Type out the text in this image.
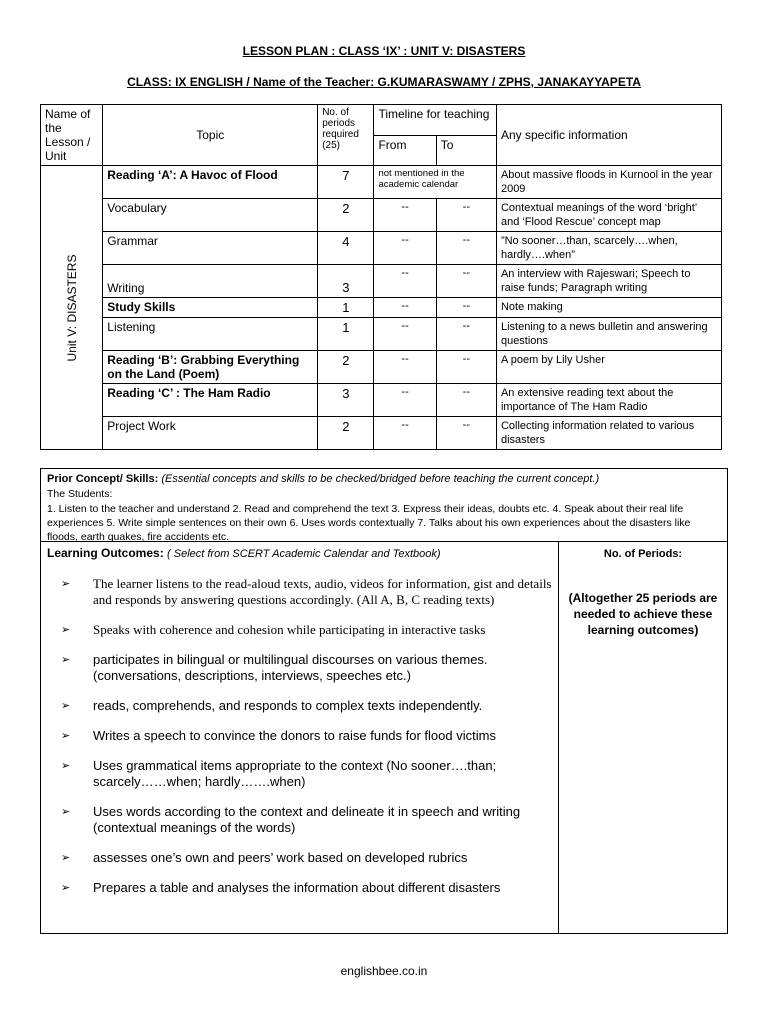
LESSON PLAN : CLASS ‘IX’ : UNIT V: DISASTERS
CLASS: IX ENGLISH / Name of the Teacher: G.KUMARASWAMY / ZPHS, JANAKAYYAPETA
Name of the Lesson / Unit	Topic	No. of periods required (25)	Timeline for teaching		Any specific information
			From	To	

Unit V: DISASTERS	Reading ‘A’: A Havoc of Flood	7	not mentioned in the academic calendar		About massive floods in Kurnool in the year 2009
	Vocabulary	2	--	--	Contextual meanings of the word ‘bright’ and ‘Flood Rescue’ concept map
	Grammar	4	--	--	”No sooner…than, scarcely….when, hardly….when”
	Writing	3	--	--	An interview with Rajeswari; Speech to raise funds; Paragraph writing
	Study Skills	1	--	--	Note making
	Listening	1	--	--	Listening to a news bulletin and answering questions
	Reading ‘B’: Grabbing Everything on the Land (Poem)	2	--	--	A poem by Lily Usher
	Reading ‘C’ : The Ham Radio	3	--	--	An extensive reading text about the importance of The Ham Radio
	Project Work	2	--	--	Collecting information related to various disasters
Prior Concept/ Skills: (Essential concepts and skills to be checked/bridged before teaching the current concept.)
The Students:
1. Listen to the teacher and understand 2. Read and comprehend the text 3. Express their ideas, doubts etc. 4. Speak about their real life experiences 5. Write simple sentences on their own 6. Uses words contextually 7. Talks about his own experiences about the disasters like floods, earth quakes, fire accidents etc.
Learning Outcomes: ( Select from SCERT Academic Calendar and Textbook)
➢ The learner listens to the read-aloud texts, audio, videos for information, gist and details and responds by answering questions accordingly. (All A, B, C reading texts)
➢ Speaks with coherence and cohesion while participating in interactive tasks
➢ participates in bilingual or multilingual discourses on various themes. (conversations, descriptions, interviews, speeches etc.)
➢ reads, comprehends, and responds to complex texts independently.
➢ Writes a speech to convince the donors to raise funds for flood victims
➢ Uses grammatical items appropriate to the context (No sooner….than; scarcely……when; hardly…….when)
➢ Uses words according to the context and delineate it in speech and writing (contextual meanings of the words)
➢ assesses one’s own and peers’ work based on developed rubrics
➢ Prepares a table and analyses the information about different disasters
No. of Periods:
(Altogether 25 periods are needed to achieve these learning outcomes)
englishbee.co.in
